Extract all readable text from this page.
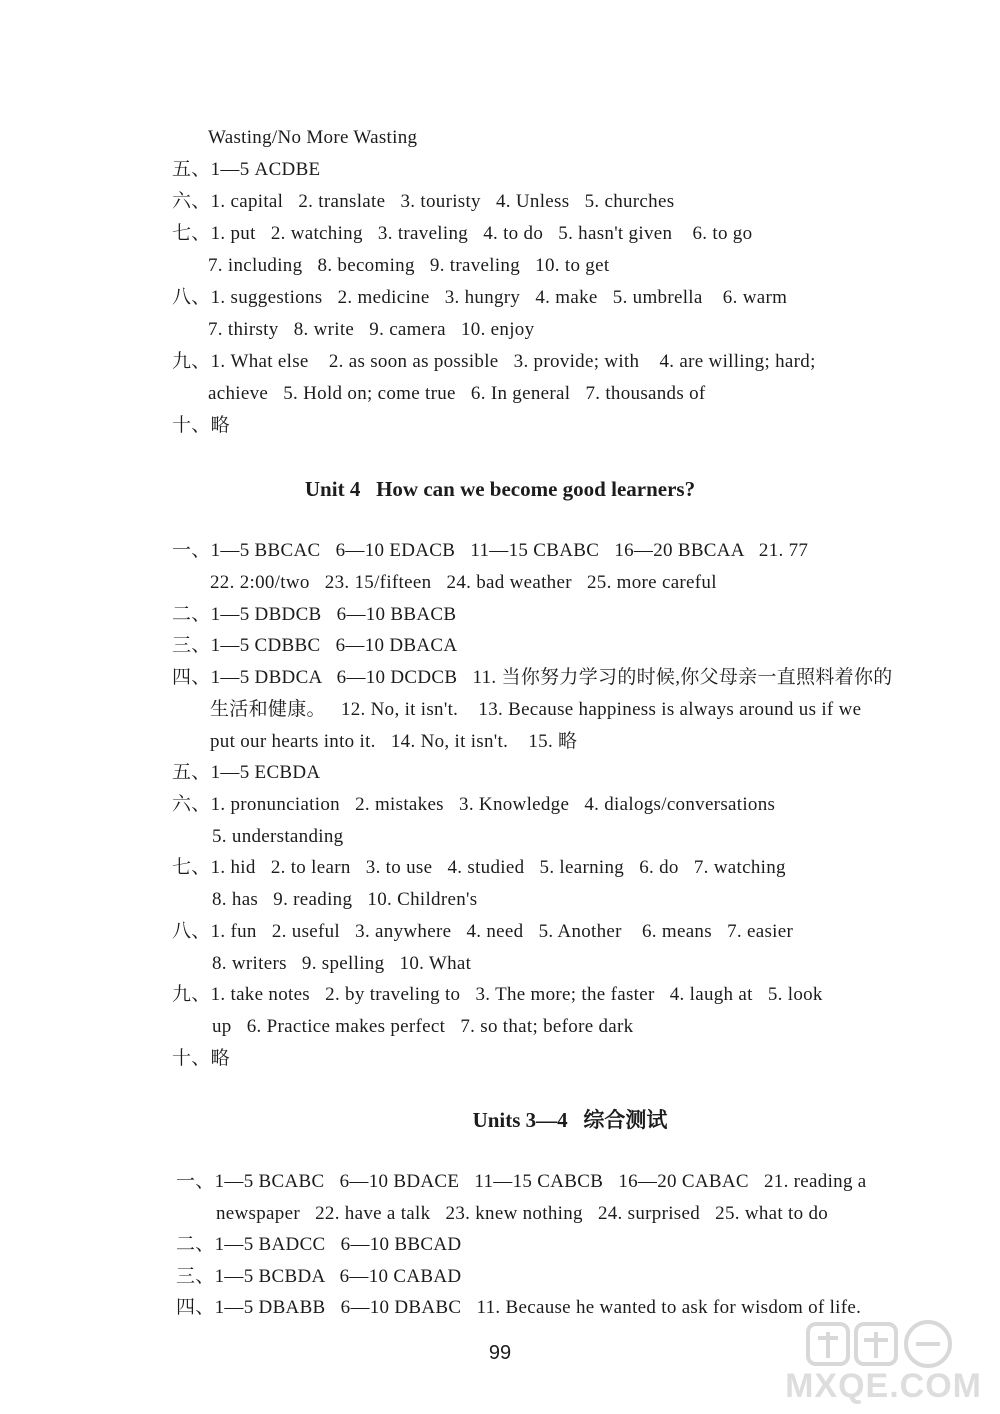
Wasting/No More Wasting
五、1—5 ACDBE
六、1. capital   2. translate   3. touristy   4. Unless   5. churches
七、1. put   2. watching   3. traveling   4. to do   5. hasn't given    6. to go
7. including   8. becoming   9. traveling   10. to get
八、1. suggestions   2. medicine   3. hungry   4. make   5. umbrella    6. warm
7. thirsty   8. write   9. camera   10. enjoy
九、1. What else    2. as soon as possible   3. provide; with    4. are willing; hard;
achieve   5. Hold on; come true   6. In general   7. thousands of
十、略
Unit 4   How can we become good learners?
一、1—5 BBCAC   6—10 EDACB   11—15 CBABC   16—20 BBCAA   21. 77
22. 2:00/two   23. 15/fifteen   24. bad weather   25. more careful
二、1—5 DBDCB   6—10 BBACB
三、1—5 CDBBC   6—10 DBACA
四、1—5 DBDCA   6—10 DCDCB   11. 当你努力学习的时候,你父母亲一直照料着你的
生活和健康。   12. No, it isn't.    13. Because happiness is always around us if we
put our hearts into it.   14. No, it isn't.    15. 略
五、1—5 ECBDA
六、1. pronunciation   2. mistakes   3. Knowledge   4. dialogs/conversations
5. understanding
七、1. hid   2. to learn   3. to use   4. studied   5. learning   6. do   7. watching
8. has   9. reading   10. Children's
八、1. fun   2. useful   3. anywhere   4. need   5. Another    6. means   7. easier
8. writers   9. spelling   10. What
九、1. take notes   2. by traveling to   3. The more; the faster   4. laugh at   5. look
up   6. Practice makes perfect   7. so that; before dark
十、略
Units 3—4   综合测试
一、1—5 BCABC   6—10 BDACE   11—15 CABCB   16—20 CABAC   21. reading a
newspaper   22. have a talk   23. knew nothing   24. surprised   25. what to do
二、1—5 BADCC   6—10 BBCAD
三、1—5 BCBDA   6—10 CABAD
四、1—5 DBABB   6—10 DBABC   11. Because he wanted to ask for wisdom of life.
99
MXQE.COM
